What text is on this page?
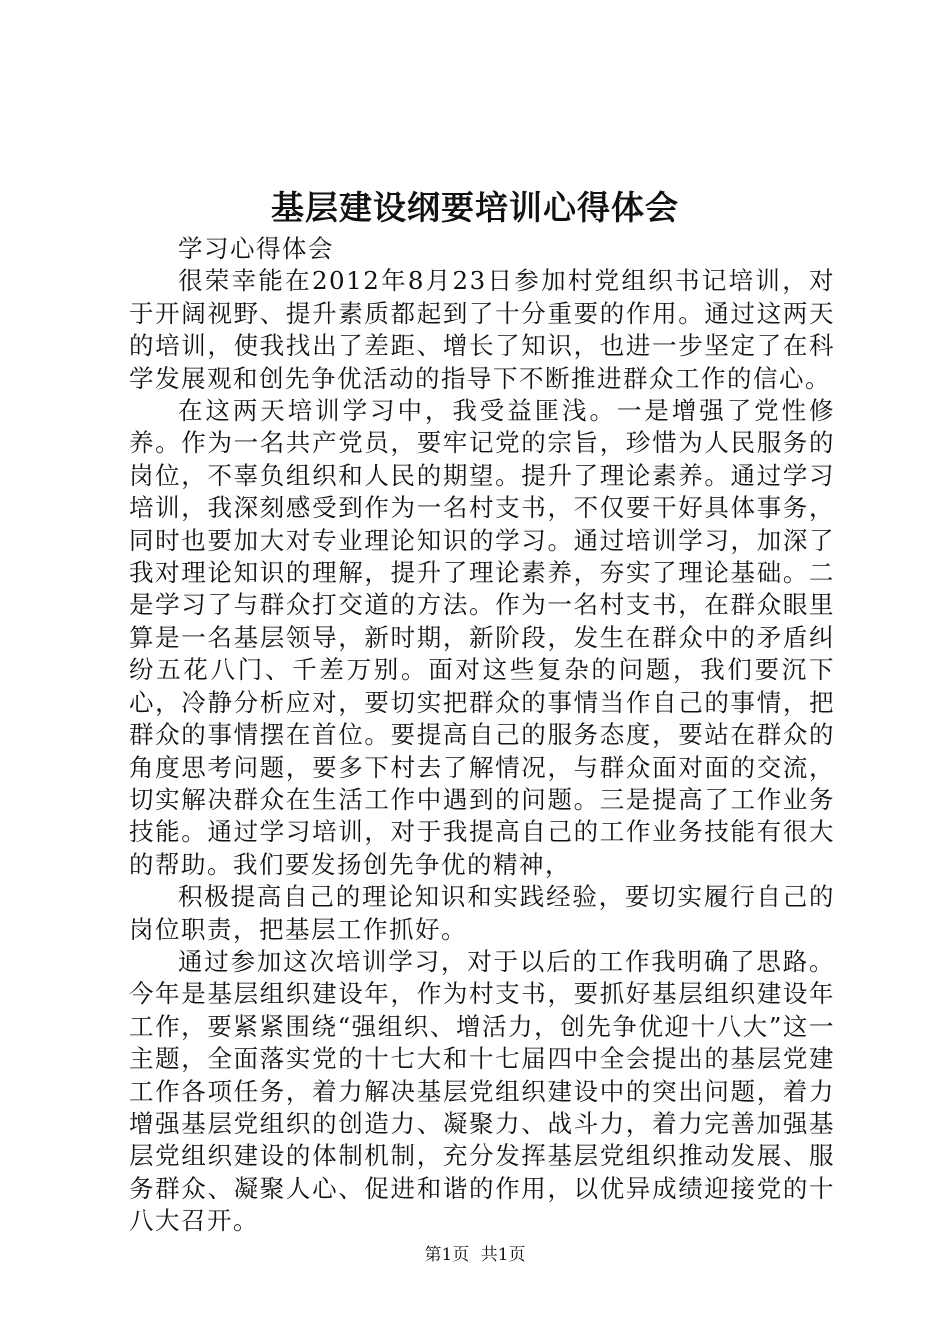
基层建设纲要培训心得体会

学习心得体会

很荣幸能在2012年8月23日参加村党组织书记培训，对于开阔视野、提升素质都起到了十分重要的作用。通过这两天的培训，使我找出了差距、增长了知识，也进一步坚定了在科学发展观和创先争优活动的指导下不断推进群众工作的信心。

在这两天培训学习中，我受益匪浅。一是增强了党性修养。作为一名共产党员，要牢记党的宗旨，珍惜为人民服务的岗位，不辜负组织和人民的期望。提升了理论素养。通过学习培训，我深刻感受到作为一名村支书，不仅要干好具体事务，同时也要加大对专业理论知识的学习。通过培训学习，加深了我对理论知识的理解，提升了理论素养，夯实了理论基础。二是学习了与群众打交道的方法。作为一名村支书，在群众眼里算是一名基层领导，新时期，新阶段，发生在群众中的矛盾纠纷五花八门、千差万别。面对这些复杂的问题，我们要沉下心，冷静分析应对，要切实把群众的事情当作自己的事情，把群众的事情摆在首位。要提高自己的服务态度，要站在群众的角度思考问题，要多下村去了解情况，与群众面对面的交流，切实解决群众在生活工作中遇到的问题。三是提高了工作业务技能。通过学习培训，对于我提高自己的工作业务技能有很大的帮助。我们要发扬创先争优的精神，

积极提高自己的理论知识和实践经验，要切实履行自己的岗位职责，把基层工作抓好。

通过参加这次培训学习，对于以后的工作我明确了思路。今年是基层组织建设年，作为村支书，要抓好基层组织建设年工作，要紧紧围绕“强组织、增活力，创先争优迎十八大”这一主题，全面落实党的十七大和十七届四中全会提出的基层党建工作各项任务，着力解决基层党组织建设中的突出问题，着力增强基层党组织的创造力、凝聚力、战斗力，着力完善加强基层党组织建设的体制机制，充分发挥基层党组织推动发展、服务群众、凝聚人心、促进和谐的作用，以优异成绩迎接党的十八大召开。

第1页 共1页
